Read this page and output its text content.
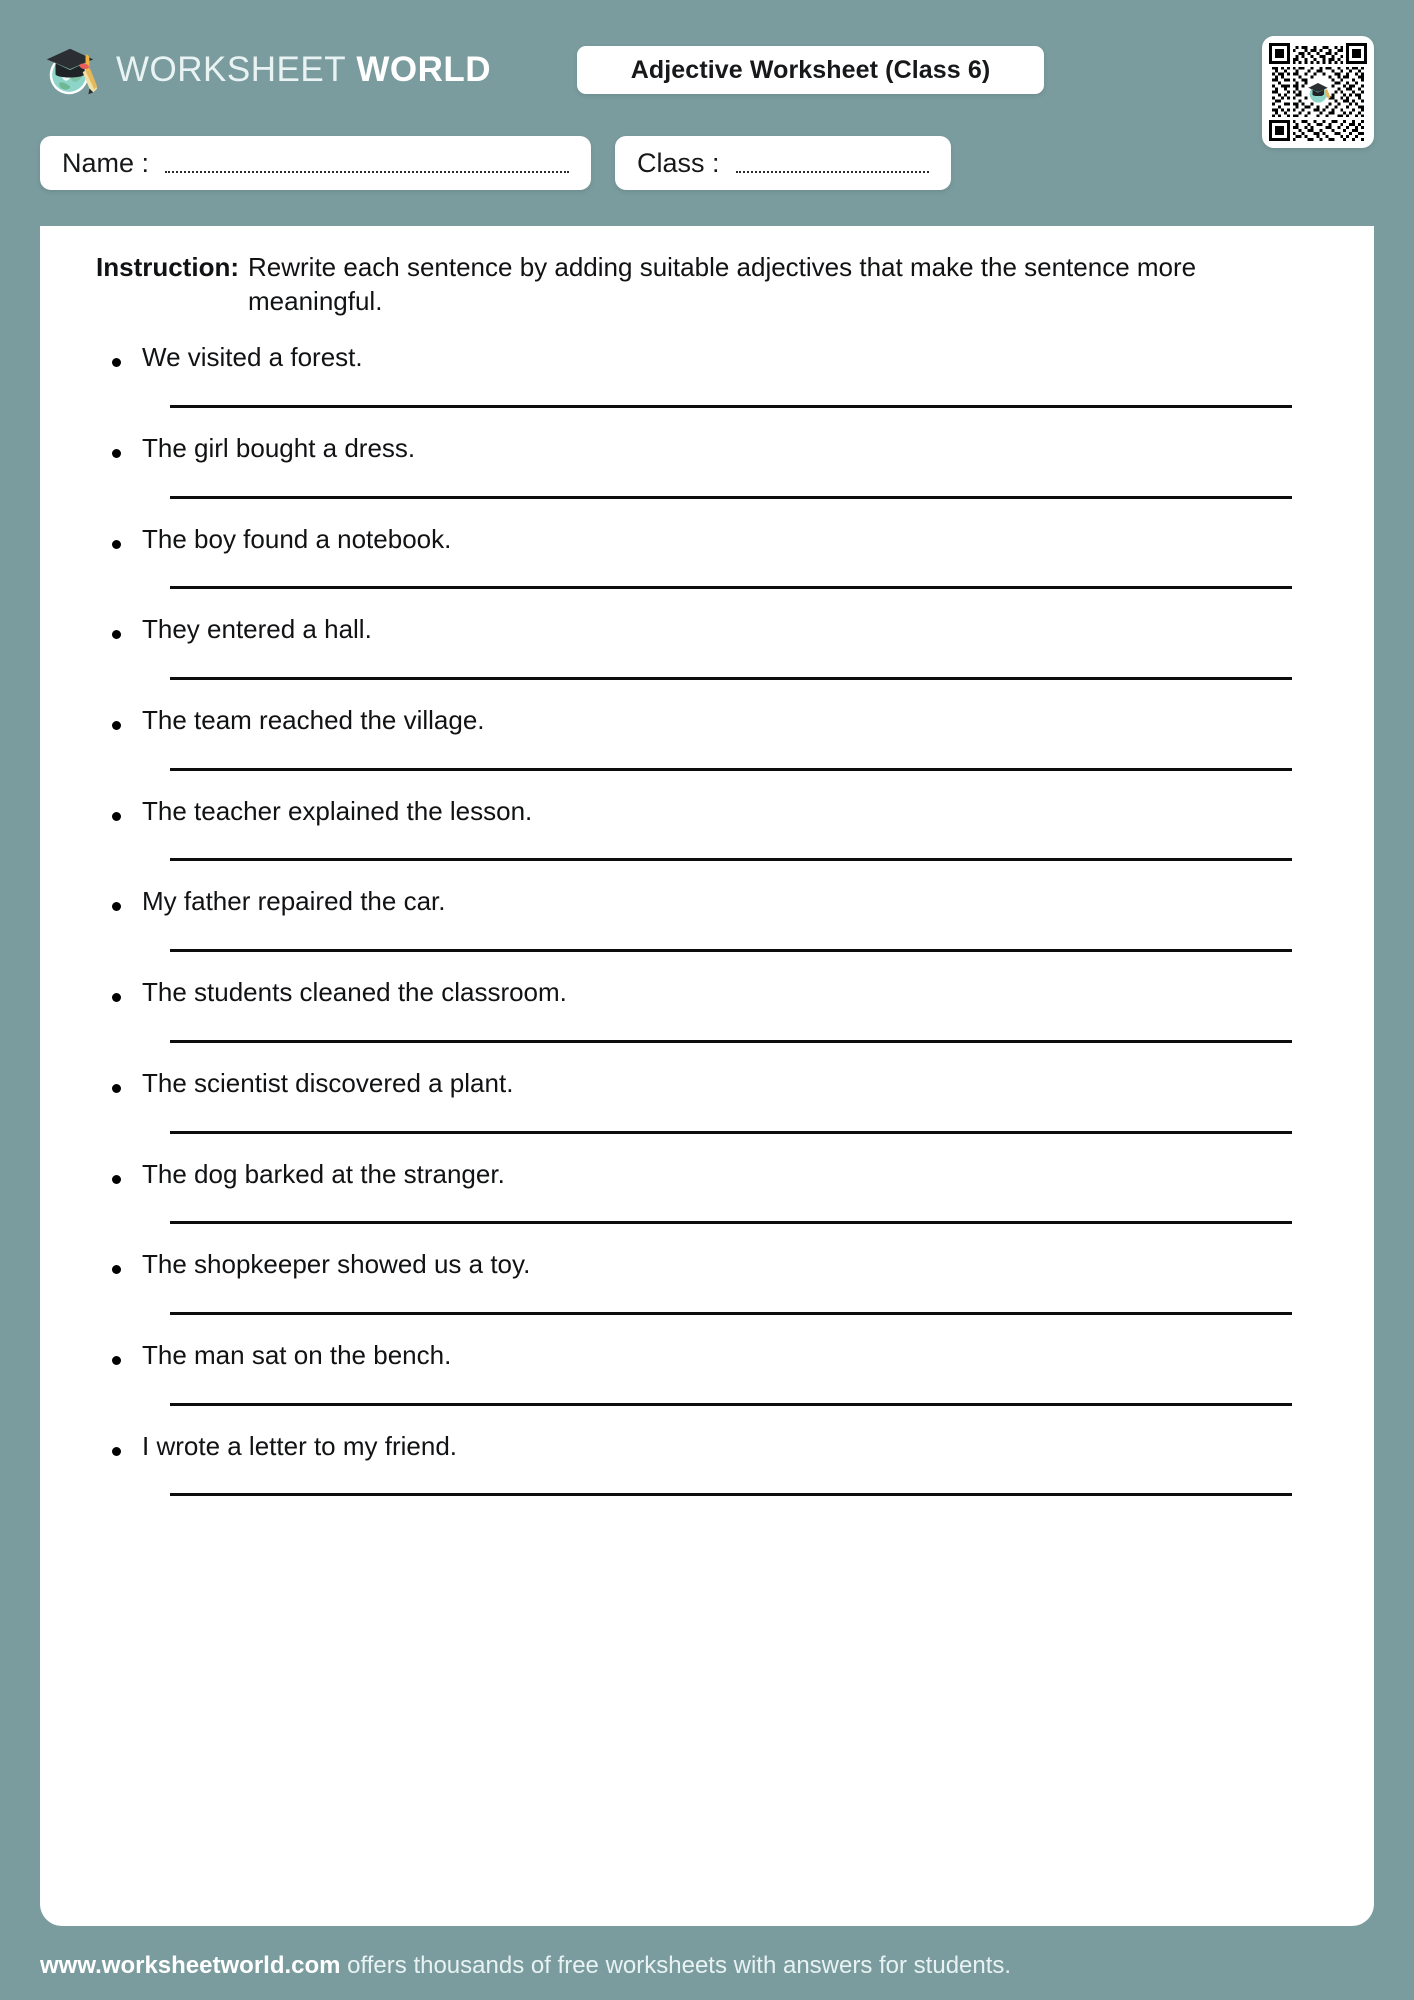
WORKSHEET WORLD	Adjective Worksheet (Class 6)
Name :	Class :
Instruction: Rewrite each sentence by adding suitable adjectives that make the sentence more meaningful.
We visited a forest.
The girl bought a dress.
The boy found a notebook.
They entered a hall.
The team reached the village.
The teacher explained the lesson.
My father repaired the car.
The students cleaned the classroom.
The scientist discovered a plant.
The dog barked at the stranger.
The shopkeeper showed us a toy.
The man sat on the bench.
I wrote a letter to my friend.
www.worksheetworld.com offers thousands of free worksheets with answers for students.
